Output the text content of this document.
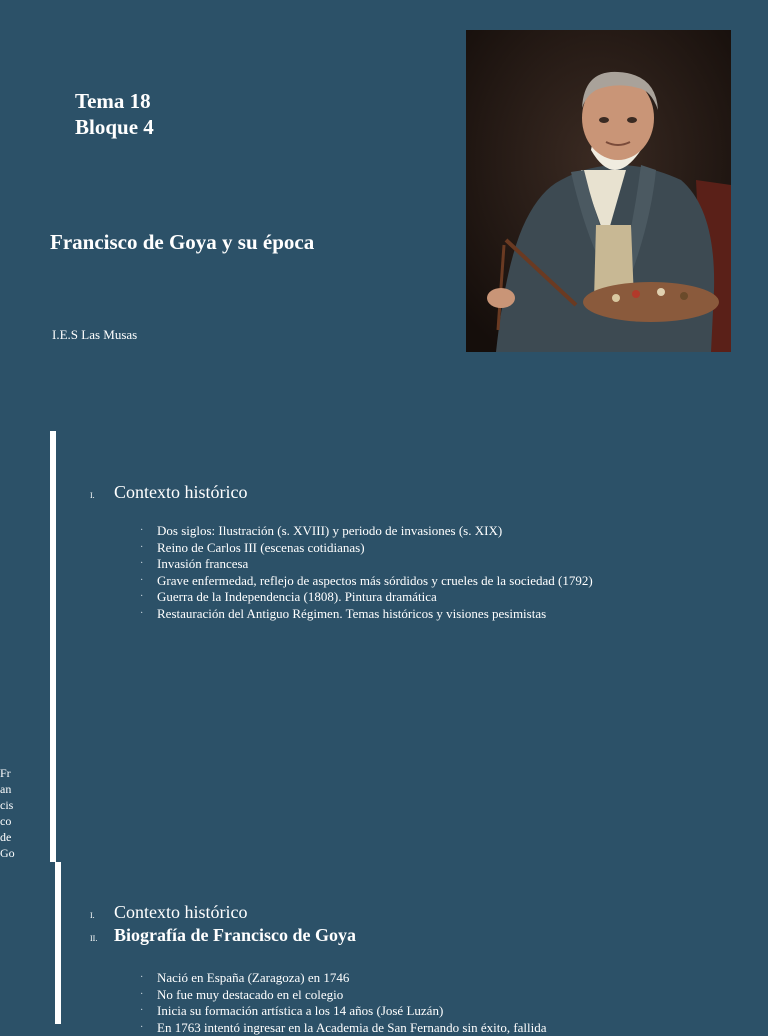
Tema 18
Bloque 4
Francisco de Goya y su época
I.E.S Las Musas
Fr
an
cis
co
de
Go
I.	Contexto histórico
·	Dos siglos: Ilustración (s. XVIII) y periodo de invasiones (s. XIX)
·	Reino de Carlos III (escenas cotidianas)
·	Invasión francesa
·	Grave enfermedad, reflejo de aspectos más sórdidos y crueles de la sociedad (1792)
·	Guerra de la Independencia (1808). Pintura dramática
·	Restauración del Antiguo Régimen. Temas históricos y visiones pesimistas
I.	Contexto histórico
II. Biografía de Francisco de Goya
·	Nació en España (Zaragoza) en 1746
·	No fue muy destacado en el colegio
·	Inicia su formación artística a los 14 años (José Luzán)
·	En 1763 intentó ingresar en la Academia de San Fernando sin éxito, fallida
